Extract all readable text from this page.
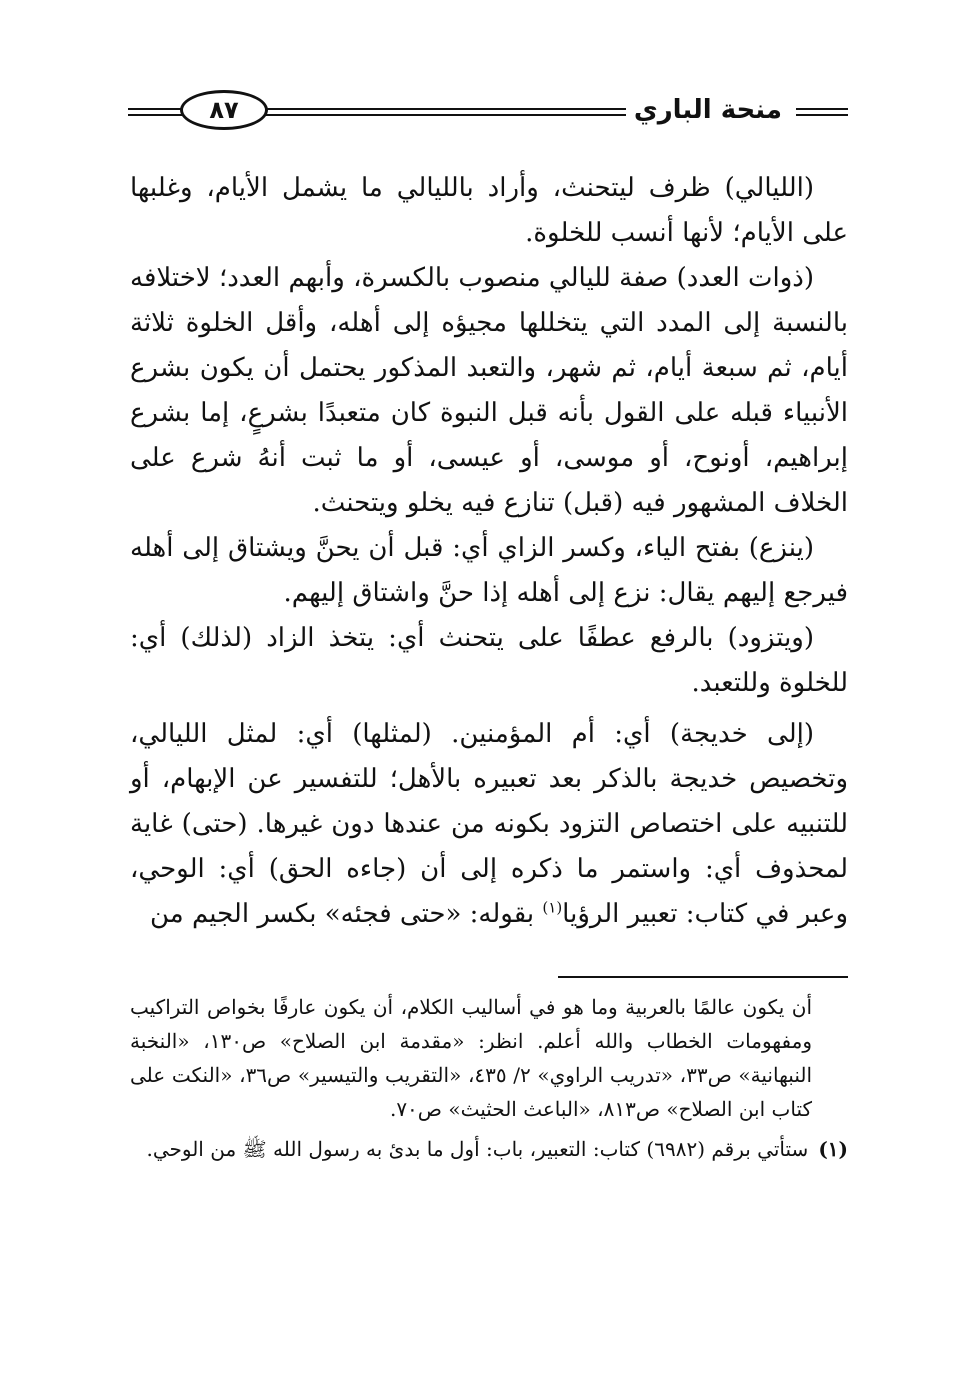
٨٧	منحة الباري

(الليالي) ظرف ليتحنث، وأراد بالليالي ما يشمل الأيام، وغلبها على الأيام؛ لأنها أنسب للخلوة.

(ذوات العدد) صفة لليالي منصوب بالكسرة، وأبهم العدد؛ لاختلافه بالنسبة إلى المدد التي يتخللها مجيؤه إلى أهله، وأقل الخلوة ثلاثة أيام، ثم سبعة أيام، ثم شهر، والتعبد المذكور يحتمل أن يكون بشرع الأنبياء قبله على القول بأنه قبل النبوة كان متعبدًا بشرعٍ، إما بشرع إبراهيم، أونوح، أو موسى، أو عيسى، أو ما ثبت أنهُ شرع على الخلاف المشهور فيه (قبل) تنازع فيه يخلو ويتحنث.

(ينزع) بفتح الياء، وكسر الزاي أي: قبل أن يحنَّ ويشتاق إلى أهله فيرجع إليهم يقال: نزع إلى أهله إذا حنَّ واشتاق إليهم.

(ويتزود) بالرفع عطفًا على يتحنث أي: يتخذ الزاد (لذلك) أي: للخلوة وللتعبد.

(إلى خديجة) أي: أم المؤمنين. (لمثلها) أي: لمثل الليالي، وتخصيص خديجة بالذكر بعد تعبيره بالأهل؛ للتفسير عن الإبهام، أو للتنبيه على اختصاص التزود بكونه من عندها دون غيرها. (حتى) غاية لمحذوف أي: واستمر ما ذكره إلى أن (جاءه الحق) أي: الوحي، وعبر في كتاب: تعبير الرؤيا$^{(١)}$ بقوله: «حتى فجئه» بكسر الجيم من

أن يكون عالمًا بالعربية وما هو في أساليب الكلام، أن يكون عارفًا بخواص التراكيب ومفهومات الخطاب والله أعلم. انظر: «مقدمة ابن الصلاح» ص١٣٠، «النخبة النبهانية» ص٣٣، «تدريب الراوي» ٢/ ٤٣٥، «التقريب والتيسير» ص٣٦، «النكت على كتاب ابن الصلاح» ص٨١٣، «الباعث الحثيث» ص٧٠.

(١)
ستأتي برقم (٦٩٨٢) كتاب: التعبير، باب: أول ما بدئ به رسول الله ﷺ من الوحي.
